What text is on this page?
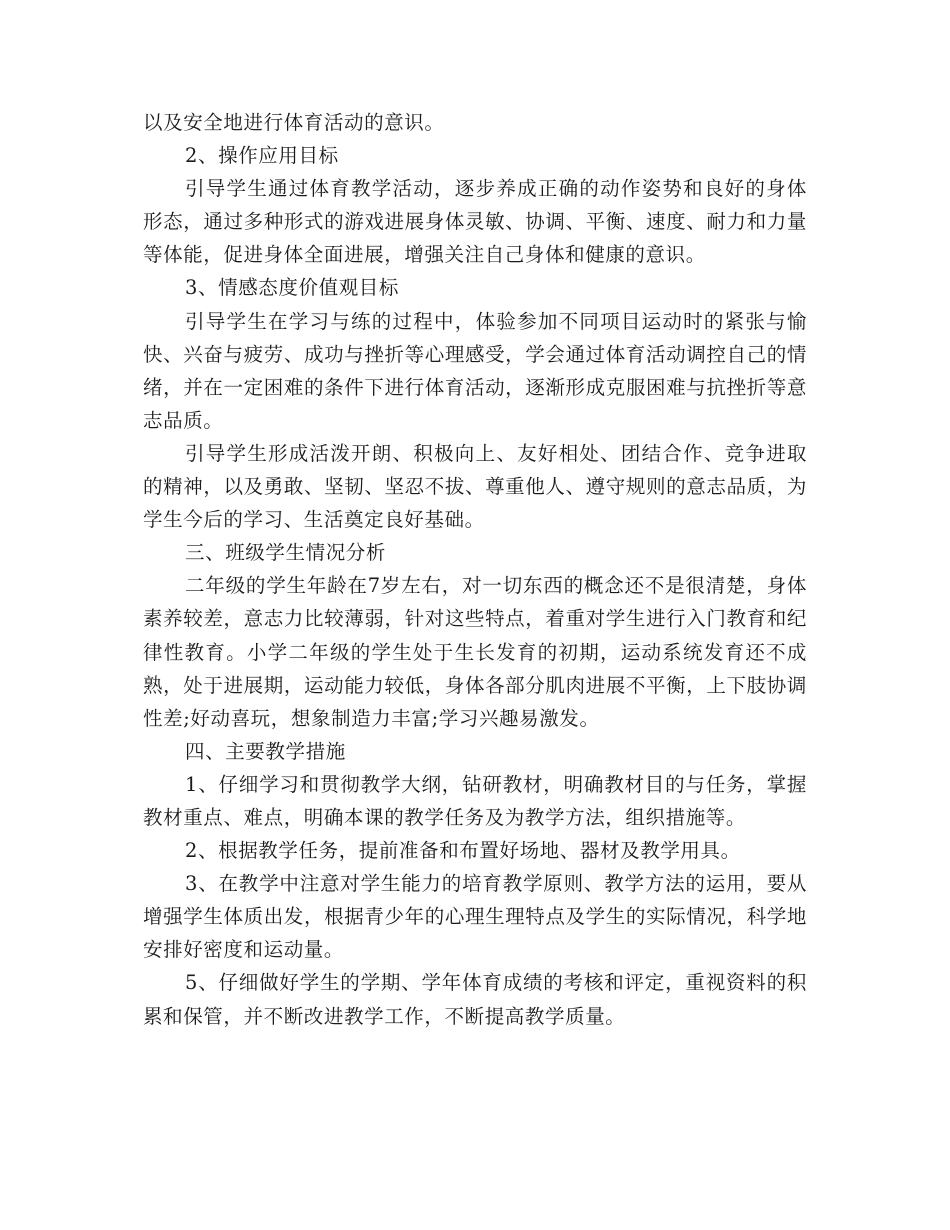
以及安全地进行体育活动的意识。

2、操作应用目标

引导学生通过体育教学活动，逐步养成正确的动作姿势和良好的身体形态，通过多种形式的游戏进展身体灵敏、协调、平衡、速度、耐力和力量等体能，促进身体全面进展，增强关注自己身体和健康的意识。

3、情感态度价值观目标

引导学生在学习与练的过程中，体验参加不同项目运动时的紧张与愉快、兴奋与疲劳、成功与挫折等心理感受，学会通过体育活动调控自己的情绪，并在一定困难的条件下进行体育活动，逐渐形成克服困难与抗挫折等意志品质。

引导学生形成活泼开朗、积极向上、友好相处、团结合作、竞争进取的精神，以及勇敢、坚韧、坚忍不拔、尊重他人、遵守规则的意志品质，为学生今后的学习、生活奠定良好基础。

三、班级学生情况分析

二年级的学生年龄在7岁左右，对一切东西的概念还不是很清楚，身体素养较差，意志力比较薄弱，针对这些特点，着重对学生进行入门教育和纪律性教育。小学二年级的学生处于生长发育的初期，运动系统发育还不成熟，处于进展期，运动能力较低，身体各部分肌肉进展不平衡，上下肢协调性差;好动喜玩，想象制造力丰富;学习兴趣易激发。

四、主要教学措施

1、仔细学习和贯彻教学大纲，钻研教材，明确教材目的与任务，掌握教材重点、难点，明确本课的教学任务及为教学方法，组织措施等。

2、根据教学任务，提前准备和布置好场地、器材及教学用具。

3、在教学中注意对学生能力的培育教学原则、教学方法的运用，要从增强学生体质出发，根据青少年的心理生理特点及学生的实际情况，科学地安排好密度和运动量。

5、仔细做好学生的学期、学年体育成绩的考核和评定，重视资料的积累和保管，并不断改进教学工作，不断提高教学质量。
